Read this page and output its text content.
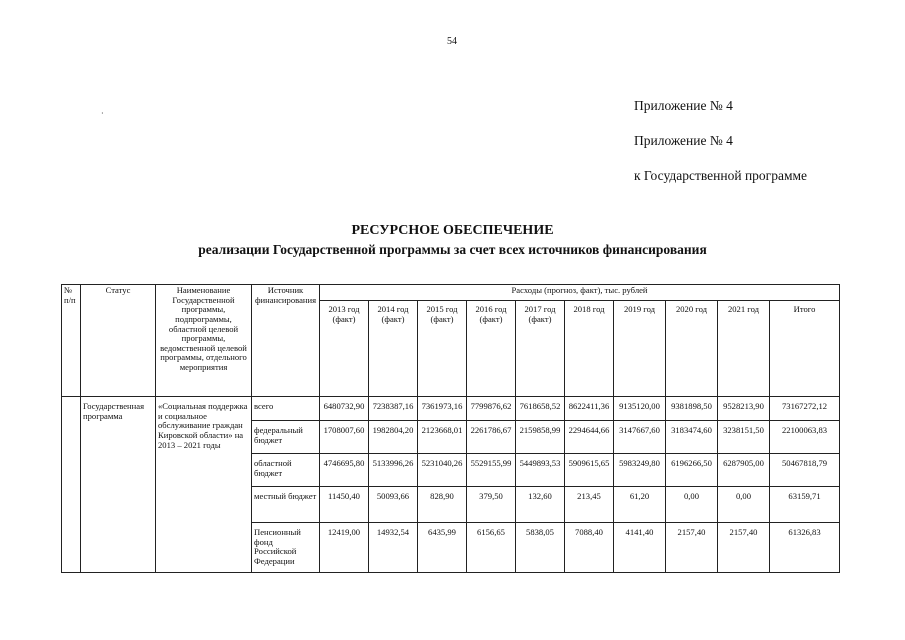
54
·
Приложение № 4
Приложение № 4
к Государственной программе
РЕСУРСНОЕ ОБЕСПЕЧЕНИЕ
реализации Государственной программы за счет всех источников финансирования
№ п/п	Статус	Наименование Государственной программы, подпрограммы, областной целевой программы, ведомственной целевой программы, отдельного мероприятия	Источник финансирования	Расходы (прогноз, факт), тыс. рублей									
				2013 год (факт)	2014 год (факт)	2015 год (факт)	2016 год (факт)	2017 год (факт)	2018 год	2019 год	2020 год	2021 год	Итого
	Государственная программа	«Социальная поддержка и социальное обслуживание граждан Кировской области» на 2013 – 2021 годы	всего	6480732,90	7238387,16	7361973,16	7799876,62	7618658,52	8622411,36	9135120,00	9381898,50	9528213,90	73167272,12
			федеральный бюджет	1708007,60	1982804,20	2123668,01	2261786,67	2159858,99	2294644,66	3147667,60	3183474,60	3238151,50	22100063,83
			областной бюджет	4746695,80	5133996,26	5231040,26	5529155,99	5449893,53	5909615,65	5983249,80	6196266,50	6287905,00	50467818,79
			местный бюджет	11450,40	50093,66	828,90	379,50	132,60	213,45	61,20	0,00	0,00	63159,71
			Пенсионный фонд Российской Федерации	12419,00	14932,54	6435,99	6156,65	5838,05	7088,40	4141,40	2157,40	2157,40	61326,83
